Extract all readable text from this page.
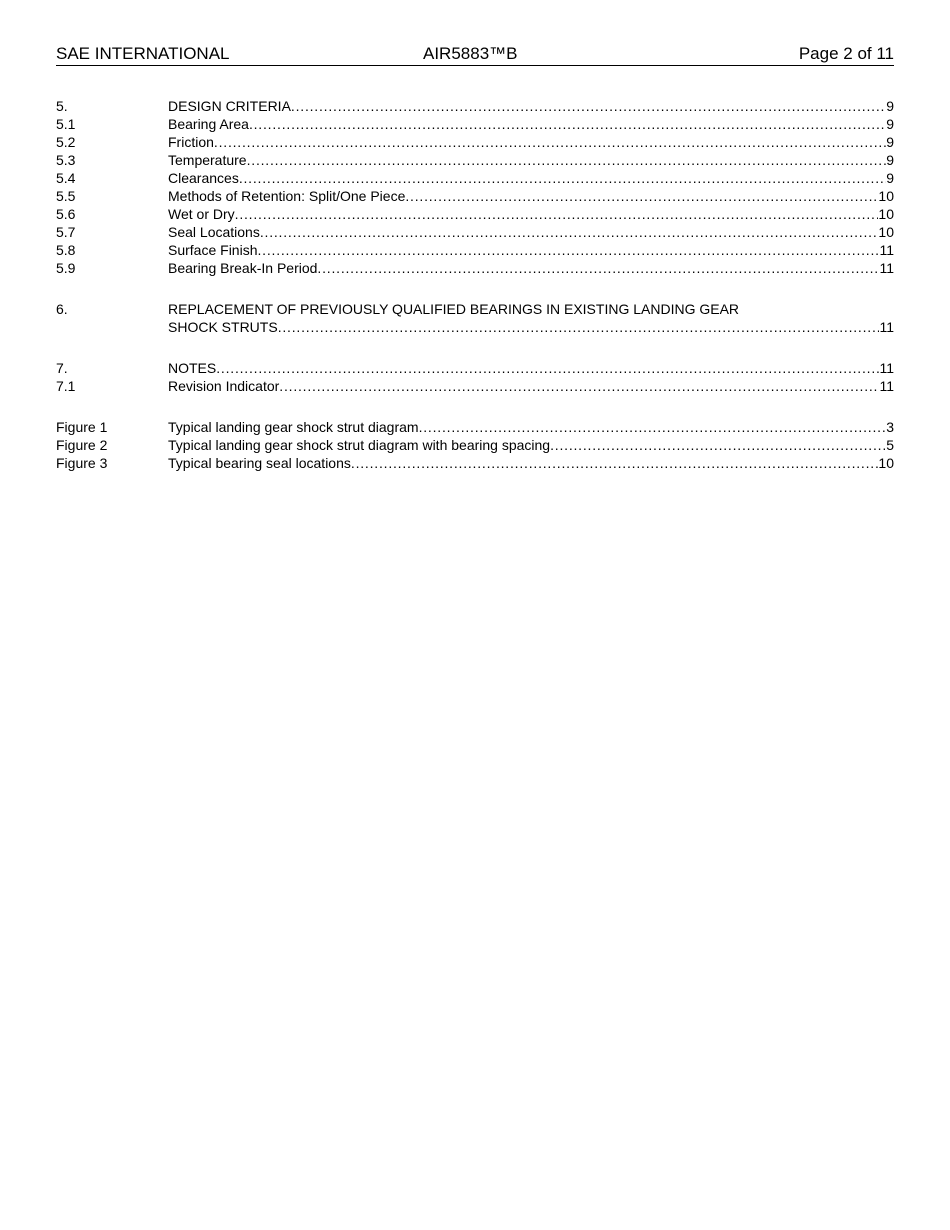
SAE INTERNATIONAL	AIR5883™B	Page 2 of 11
5.	DESIGN CRITERIA . . .	9
5.1	Bearing Area . . .	9
5.2	Friction . . .	9
5.3	Temperature . . .	9
5.4	Clearances . . .	9
5.5	Methods of Retention: Split/One Piece . . .	10
5.6	Wet or Dry . . .	10
5.7	Seal Locations . . .	10
5.8	Surface Finish . . .	11
5.9	Bearing Break-In Period . . .	11
6.	REPLACEMENT OF PREVIOUSLY QUALIFIED BEARINGS IN EXISTING LANDING GEAR
SHOCK STRUTS . . .	11
7.	NOTES . . .	11
7.1	Revision Indicator . . .	11
Figure 1	Typical landing gear shock strut diagram . . .	3
Figure 2	Typical landing gear shock strut diagram with bearing spacing . . .	5
Figure 3	Typical bearing seal locations . . .	10
